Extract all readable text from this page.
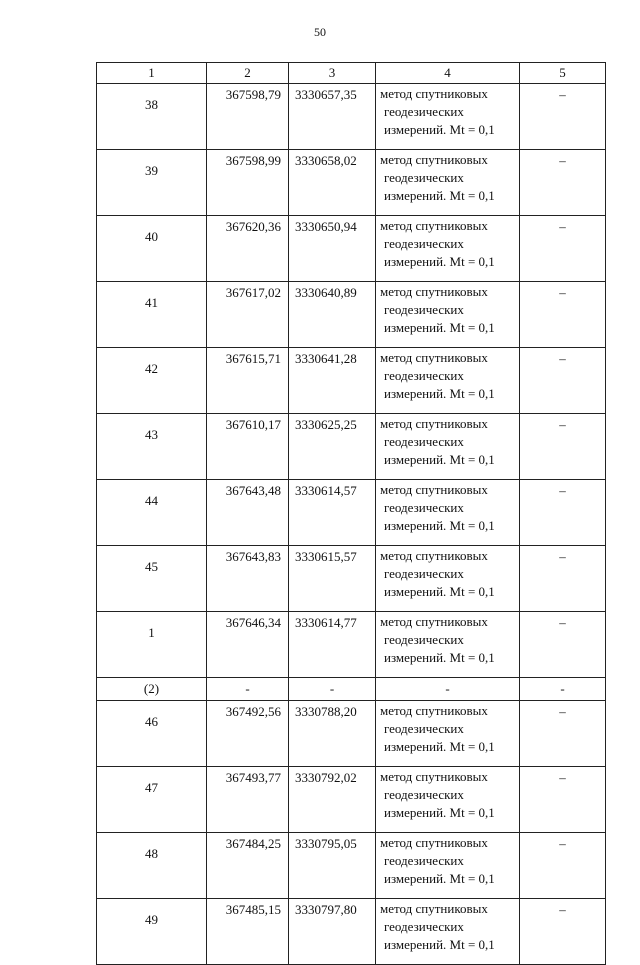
50
1	2	3	4	5
38	367598,79	3330657,35	метод спутниковых
геодезических
измерений. Mt = 0,1	–
39	367598,99	3330658,02	метод спутниковых
геодезических
измерений. Mt = 0,1	–
40	367620,36	3330650,94	метод спутниковых
геодезических
измерений. Mt = 0,1	–
41	367617,02	3330640,89	метод спутниковых
геодезических
измерений. Mt = 0,1	–
42	367615,71	3330641,28	метод спутниковых
геодезических
измерений. Mt = 0,1	–
43	367610,17	3330625,25	метод спутниковых
геодезических
измерений. Mt = 0,1	–
44	367643,48	3330614,57	метод спутниковых
геодезических
измерений. Mt = 0,1	–
45	367643,83	3330615,57	метод спутниковых
геодезических
измерений. Mt = 0,1	–
1	367646,34	3330614,77	метод спутниковых
геодезических
измерений. Mt = 0,1	–
(2)	-	-	-	-
46	367492,56	3330788,20	метод спутниковых
геодезических
измерений. Mt = 0,1	–
47	367493,77	3330792,02	метод спутниковых
геодезических
измерений. Mt = 0,1	–
48	367484,25	3330795,05	метод спутниковых
геодезических
измерений. Mt = 0,1	–
49	367485,15	3330797,80	метод спутниковых
геодезических
измерений. Mt = 0,1	–
